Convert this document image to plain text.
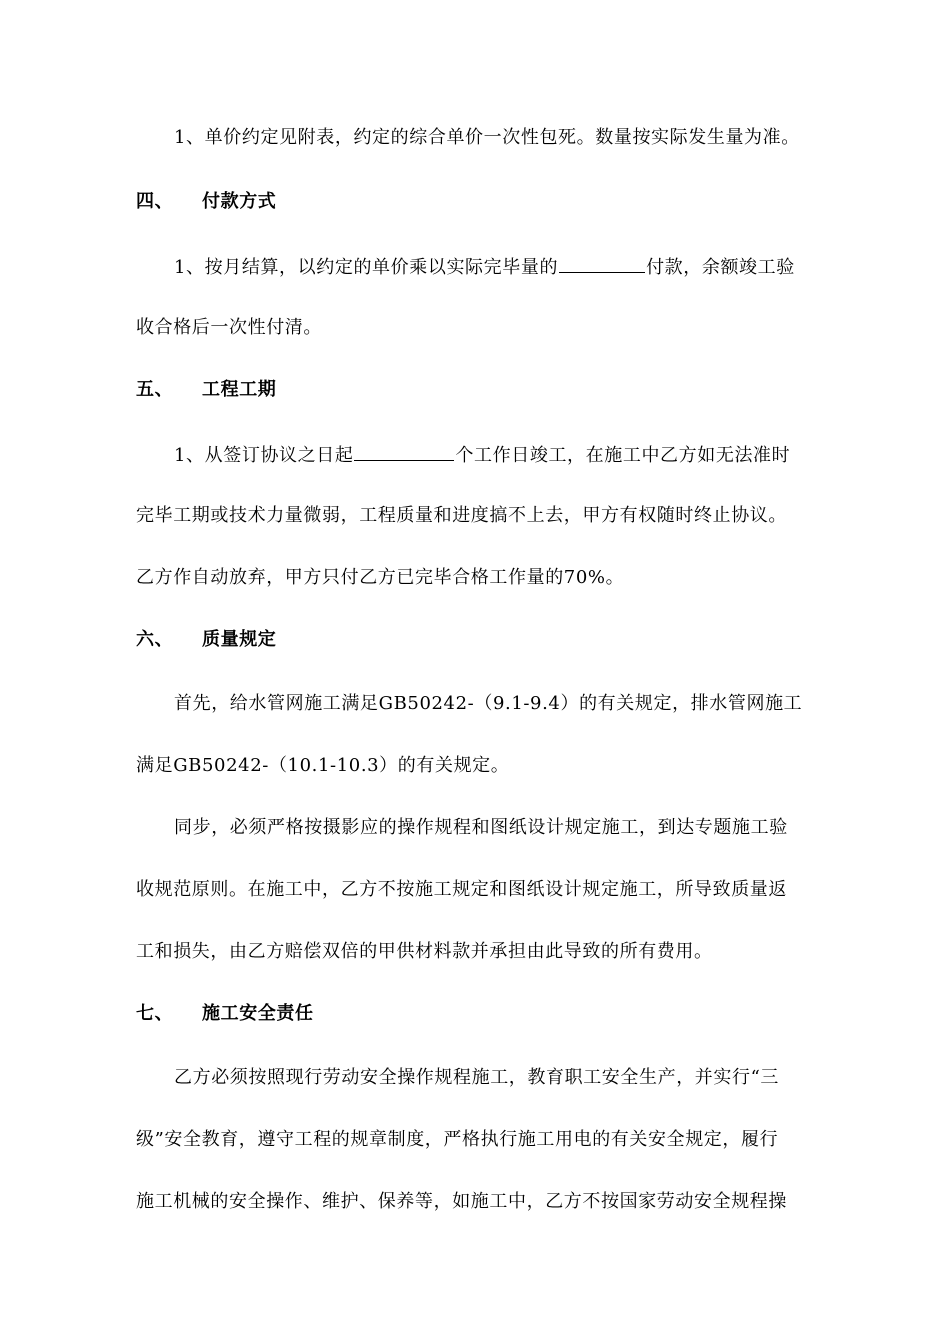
1、单价约定见附表，约定的综合单价一次性包死。数量按实际发生量为准。
四、 付款方式
1、按月结算，以约定的单价乘以实际完毕量的	付款，余额竣工验
收合格后一次性付清。
五、 工程工期
1、从签订协议之日起	个工作日竣工，在施工中乙方如无法准时
完毕工期或技术力量微弱，工程质量和进度搞不上去，甲方有权随时终止协议。
乙方作自动放弃，甲方只付乙方已完毕合格工作量的70%。
六、 质量规定
首先，给水管网施工满足GB50242-（9.1-9.4）的有关规定，排水管网施工
满足GB50242-（10.1-10.3）的有关规定。
同步，必须严格按摄影应的操作规程和图纸设计规定施工，到达专题施工验
收规范原则。在施工中，乙方不按施工规定和图纸设计规定施工，所导致质量返
工和损失，由乙方赔偿双倍的甲供材料款并承担由此导致的所有费用。
七、 施工安全责任
乙方必须按照现行劳动安全操作规程施工，教育职工安全生产，并实行“三
级”安全教育，遵守工程的规章制度，严格执行施工用电的有关安全规定，履行
施工机械的安全操作、维护、保养等，如施工中，乙方不按国家劳动安全规程操
